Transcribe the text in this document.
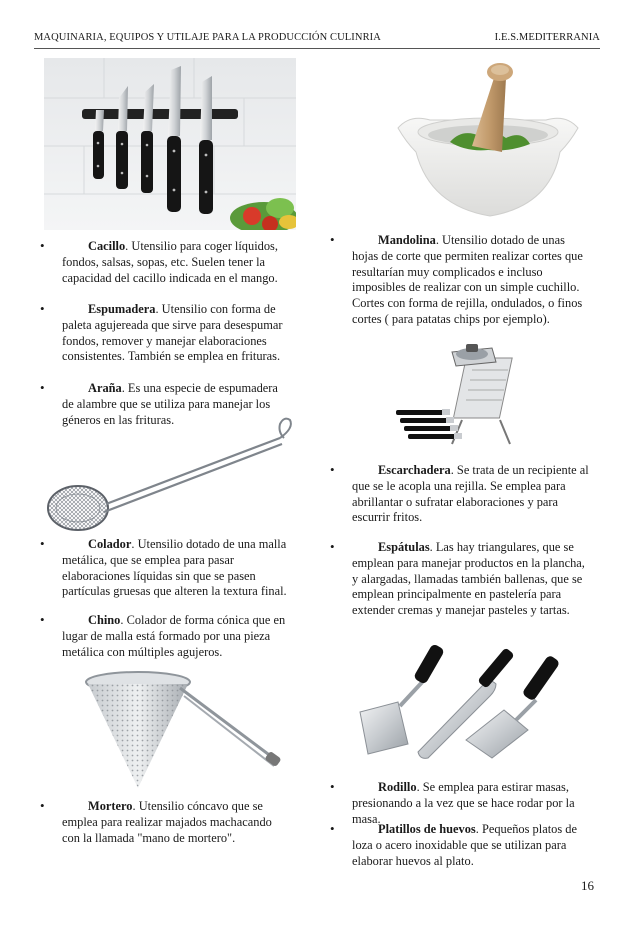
MAQUINARIA, EQUIPOS Y UTILAJE PARA LA PRODUCCIÓN CULINRIA	I.E.S.MEDITERRANIA
•	Cacillo. Utensilio para coger líquidos, fondos, salsas, sopas, etc. Suelen tener la capacidad del cacillo indicada en el mango.
•	Espumadera. Utensilio con forma de paleta agujereada que sirve para desespumar fondos, remover y manejar elaboraciones consistentes. También se emplea en frituras.
•	Araña. Es una especie de espumadera de alambre que se utiliza para manejar los géneros en las frituras.
•	Colador. Utensilio dotado de una malla metálica, que se emplea para pasar elaboraciones líquidas sin que se pasen partículas gruesas que alteren la textura final.
•	Chino. Colador de forma cónica que en lugar de malla está formado por una pieza metálica con múltiples agujeros.
•	Mortero. Utensilio cóncavo que se emplea para realizar majados machacando con la llamada "mano de mortero".
•	Mandolina. Utensilio dotado de unas hojas de corte que permiten realizar cortes que resultarían muy complicados e incluso imposibles de realizar con un simple cuchillo. Cortes con forma de rejilla, ondulados, o finos cortes ( para patatas chips por ejemplo).
•	Escarchadera. Se trata de un recipiente al que se le acopla una rejilla. Se emplea para abrillantar o sufratar elaboraciones y para escurrir fritos.
•	Espátulas. Las hay triangulares, que se emplean para manejar productos en la plancha, y alargadas, llamadas también ballenas, que se emplean principalmente en pastelería para extender cremas y manejar pasteles y tartas.
•	Rodillo. Se emplea para estirar masas, presionando a la vez que se hace rodar por la masa.
•	Platillos de huevos. Pequeños platos de loza o acero inoxidable que se utilizan para elaborar huevos al plato.
16
